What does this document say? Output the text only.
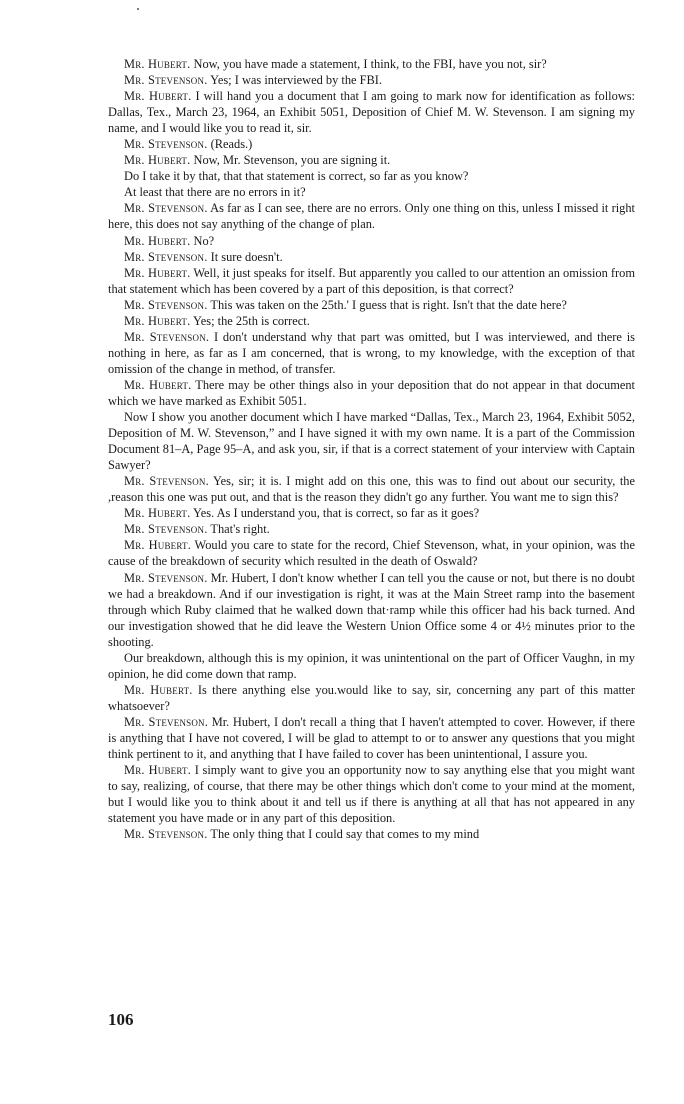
Mr. Hubert. Now, you have made a statement, I think, to the FBI, have you not, sir?

Mr. Stevenson. Yes; I was interviewed by the FBI.

Mr. Hubert. I will hand you a document that I am going to mark now for identification as follows: Dallas, Tex., March 23, 1964, an Exhibit 5051, Deposition of Chief M. W. Stevenson. I am signing my name, and I would like you to read it, sir.

Mr. Stevenson. (Reads.)

Mr. Hubert. Now, Mr. Stevenson, you are signing it.

Do I take it by that, that that statement is correct, so far as you know?

At least that there are no errors in it?

Mr. Stevenson. As far as I can see, there are no errors. Only one thing on this, unless I missed it right here, this does not say anything of the change of plan.

Mr. Hubert. No?

Mr. Stevenson. It sure doesn't.

Mr. Hubert. Well, it just speaks for itself. But apparently you called to our attention an omission from that statement which has been covered by a part of this deposition, is that correct?

Mr. Stevenson. This was taken on the 25th.' I guess that is right. Isn't that the date here?

Mr. Hubert. Yes; the 25th is correct.

Mr. Stevenson. I don't understand why that part was omitted, but I was interviewed, and there is nothing in here, as far as I am concerned, that is wrong, to my knowledge, with the exception of that omission of the change in method, of transfer.

Mr. Hubert. There may be other things also in your deposition that do not appear in that document which we have marked as Exhibit 5051.

Now I show you another document which I have marked “Dallas, Tex., March 23, 1964, Exhibit 5052, Deposition of M. W. Stevenson,” and I have signed it with my own name. It is a part of the Commission Document 81–A, Page 95–A, and ask you, sir, if that is a correct statement of your interview with Captain Sawyer?

Mr. Stevenson. Yes, sir; it is. I might add on this one, this was to find out about our security, the ,reason this one was put out, and that is the reason they didn't go any further. You want me to sign this?

Mr. Hubert. Yes. As I understand you, that is correct, so far as it goes?

Mr. Stevenson. That's right.

Mr. Hubert. Would you care to state for the record, Chief Stevenson, what, in your opinion, was the cause of the breakdown of security which resulted in the death of Oswald?

Mr. Stevenson. Mr. Hubert, I don't know whether I can tell you the cause or not, but there is no doubt we had a breakdown. And if our investigation is right, it was at the Main Street ramp into the basement through which Ruby claimed that he walked down that·ramp while this officer had his back turned. And our investigation showed that he did leave the Western Union Office some 4 or 4½ minutes prior to the shooting.

Our breakdown, although this is my opinion, it was unintentional on the part of Officer Vaughn, in my opinion, he did come down that ramp.

Mr. Hubert. Is there anything else you.would like to say, sir, concerning any part of this matter whatsoever?

Mr. Stevenson. Mr. Hubert, I don't recall a thing that I haven't attempted to cover. However, if there is anything that I have not covered, I will be glad to attempt to or to answer any questions that you might think pertinent to it, and anything that I have failed to cover has been unintentional, I assure you.

Mr. Hubert. I simply want to give you an opportunity now to say anything else that you might want to say, realizing, of course, that there may be other things which don't come to your mind at the moment, but I would like you to think about it and tell us if there is anything at all that has not appeared in any statement you have made or in any part of this deposition.

Mr. Stevenson. The only thing that I could say that comes to my mind

106
